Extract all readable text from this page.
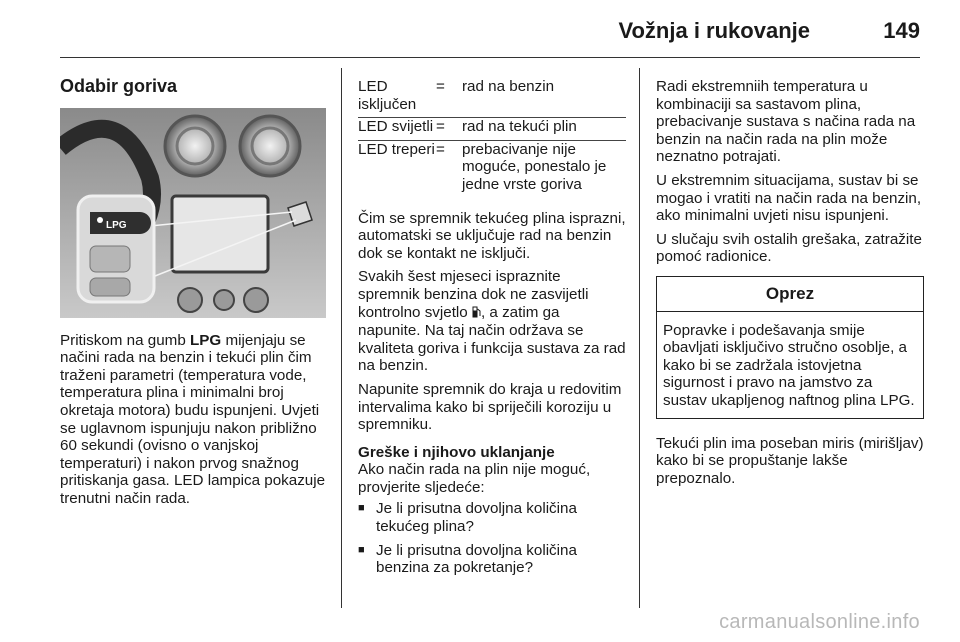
Vožnja i rukovanje	149
Odabir goriva
LPG

Pritiskom na gumb LPG mijenjaju se načini rada na benzin i tekući plin čim traženi parametri (temperatura vode, temperatura plina i minimalni broj okretaja motora) budu ispunjeni. Uvjeti se uglavnom ispunjuju nakon približno 60 sekundi (ovisno o vanjskoj temperaturi) i nakon prvog snažnog pritiskanja gasa. LED lampica pokazuje trenutni način rada.

LED isključen	=	rad na benzin
LED svijetli	=	rad na tekući plin
LED treperi	=	prebacivanje nije moguće, ponestalo je jedne vrste goriva

Čim se spremnik tekućeg plina isprazni, automatski se uključuje rad na benzin dok se kontakt ne isključi.

Svakih šest mjeseci ispraznite spremnik benzina dok ne zasvijetli kontrolno svjetlo , a zatim ga napunite. Na taj način održava se kvaliteta goriva i funkcija sustava za rad na benzin.

Napunite spremnik do kraja u redovitim intervalima kako bi spriječili koroziju u spremniku.

Greške i njihovo uklanjanje

Ako način rada na plin nije moguć, provjerite sljedeće:

■ Je li prisutna dovoljna količina tekućeg plina?
■ Je li prisutna dovoljna količina benzina za pokretanje?

Radi ekstremniih temperatura u kombinaciji sa sastavom plina, prebacivanje sustava s načina rada na benzin na način rada na plin može neznatno potrajati.

U ekstremnim situacijama, sustav bi se mogao i vratiti na način rada na benzin, ako minimalni uvjeti nisu ispunjeni.

U slučaju svih ostalih grešaka, zatražite pomoć radionice.

Oprez
Popravke i podešavanja smije obavljati isključivo stručno osoblje, a kako bi se zadržala istovjetna sigurnost i pravo na jamstvo za sustav ukapljenog naftnog plina LPG.

Tekući plin ima poseban miris (mirišljav) kako bi se propuštanje lakše prepoznalo.

carmanualsonline.info
